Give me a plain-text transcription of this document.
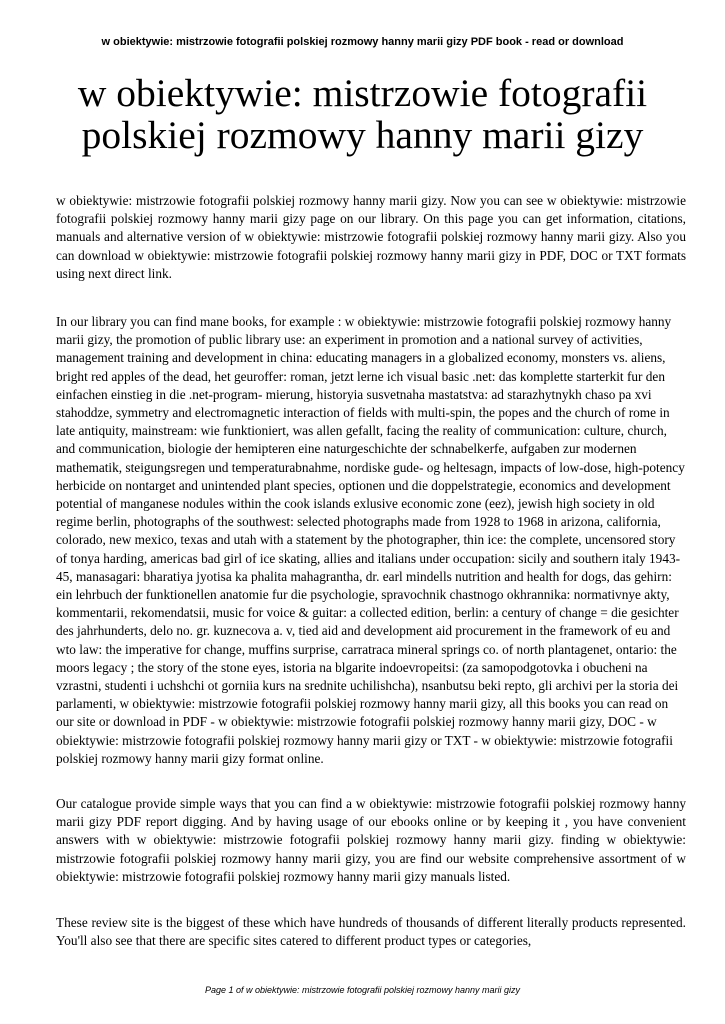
w obiektywie: mistrzowie fotografii polskiej rozmowy hanny marii gizy PDF book - read or download
w obiektywie: mistrzowie fotografii polskiej rozmowy hanny marii gizy

w obiektywie: mistrzowie fotografii polskiej rozmowy hanny marii gizy. Now you can see w obiektywie: mistrzowie fotografii polskiej rozmowy hanny marii gizy page on our library. On this page you can get information, citations, manuals and alternative version of w obiektywie: mistrzowie fotografii polskiej rozmowy hanny marii gizy. Also you can download w obiektywie: mistrzowie fotografii polskiej rozmowy hanny marii gizy in PDF, DOC or TXT formats using next direct link.

In our library you can find mane books, for example : w obiektywie: mistrzowie fotografii polskiej rozmowy hanny marii gizy, the promotion of public library use: an experiment in promotion and a national survey of activities, management training and development in china: educating managers in a globalized economy, monsters vs. aliens, bright red apples of the dead, het geuroffer: roman, jetzt lerne ich visual basic .net: das komplette starterkit fur den einfachen einstieg in die .net-program- mierung, historyia susvetnaha mastatstva: ad starazhytnykh chaso pa xvi stahoddze, symmetry and electromagnetic interaction of fields with multi-spin, the popes and the church of rome in late antiquity, mainstream: wie funktioniert, was allen gefallt, facing the reality of communication: culture, church, and communication, biologie der hemipteren eine naturgeschichte der schnabelkerfe, aufgaben zur modernen mathematik, steigungsregen und temperaturabnahme, nordiske gude- og heltesagn, impacts of low-dose, high-potency herbicide on nontarget and unintended plant species, optionen und die doppelstrategie, economics and development potential of manganese nodules within the cook islands exlusive economic zone (eez), jewish high society in old regime berlin, photographs of the southwest: selected photographs made from 1928 to 1968 in arizona, california, colorado, new mexico, texas and utah with a statement by the photographer, thin ice: the complete, uncensored story of tonya harding, americas bad girl of ice skating, allies and italians under occupation: sicily and southern italy 1943-45, manasagari: bharatiya jyotisa ka phalita mahagrantha, dr. earl mindells nutrition and health for dogs, das gehirn: ein lehrbuch der funktionellen anatomie fur die psychologie, spravochnik chastnogo okhrannika: normativnye akty, kommentarii, rekomendatsii, music for voice & guitar: a collected edition, berlin: a century of change = die gesichter des jahrhunderts, delo no. gr. kuznecova a. v, tied aid and development aid procurement in the framework of eu and wto law: the imperative for change, muffins surprise, carratraca mineral springs co. of north plantagenet, ontario: the moors legacy ; the story of the stone eyes, istoria na blgarite indoevropeitsi: (za samopodgotovka i obucheni na vzrastni, studenti i uchshchi ot gorniia kurs na srednite uchilishcha), nsanbutsu beki repto, gli archivi per la storia dei parlamenti, w obiektywie: mistrzowie fotografii polskiej rozmowy hanny marii gizy, all this books you can read on our site or download in PDF - w obiektywie: mistrzowie fotografii polskiej rozmowy hanny marii gizy, DOC - w obiektywie: mistrzowie fotografii polskiej rozmowy hanny marii gizy or TXT - w obiektywie: mistrzowie fotografii polskiej rozmowy hanny marii gizy format online.

Our catalogue provide simple ways that you can find a w obiektywie: mistrzowie fotografii polskiej rozmowy hanny marii gizy PDF report digging. And by having usage of our ebooks online or by keeping it , you have convenient answers with w obiektywie: mistrzowie fotografii polskiej rozmowy hanny marii gizy. finding w obiektywie: mistrzowie fotografii polskiej rozmowy hanny marii gizy, you are find our website comprehensive assortment of w obiektywie: mistrzowie fotografii polskiej rozmowy hanny marii gizy manuals listed.

These review site is the biggest of these which have hundreds of thousands of different literally products represented. You'll also see that there are specific sites catered to different product types or categories,

Page 1 of w obiektywie: mistrzowie fotografii polskiej rozmowy hanny marii gizy
